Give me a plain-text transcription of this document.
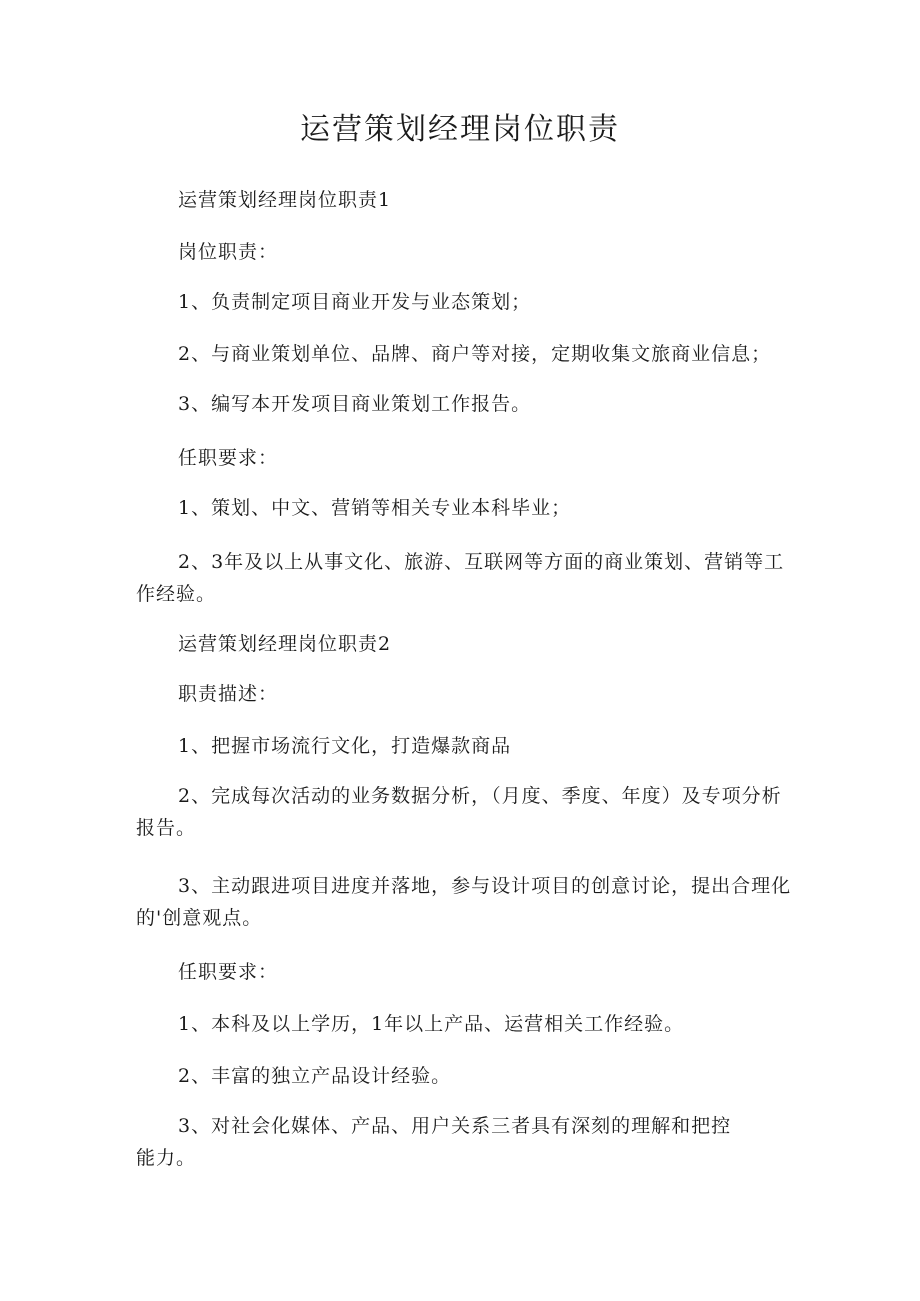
运营策划经理岗位职责
运营策划经理岗位职责1
岗位职责：
1、负责制定项目商业开发与业态策划；
2、与商业策划单位、品牌、商户等对接，定期收集文旅商业信息；
3、编写本开发项目商业策划工作报告。
任职要求：
1、策划、中文、营销等相关专业本科毕业；
2、3年及以上从事文化、旅游、互联网等方面的商业策划、营销等工作经验。
运营策划经理岗位职责2
职责描述：
1、把握市场流行文化，打造爆款商品
2、完成每次活动的业务数据分析，（月度、季度、年度）及专项分析报告。
3、主动跟进项目进度并落地，参与设计项目的创意讨论，提出合理化的'创意观点。
任职要求：
1、本科及以上学历，1年以上产品、运营相关工作经验。
2、丰富的独立产品设计经验。
3、对社会化媒体、产品、用户关系三者具有深刻的理解和把控能力。
